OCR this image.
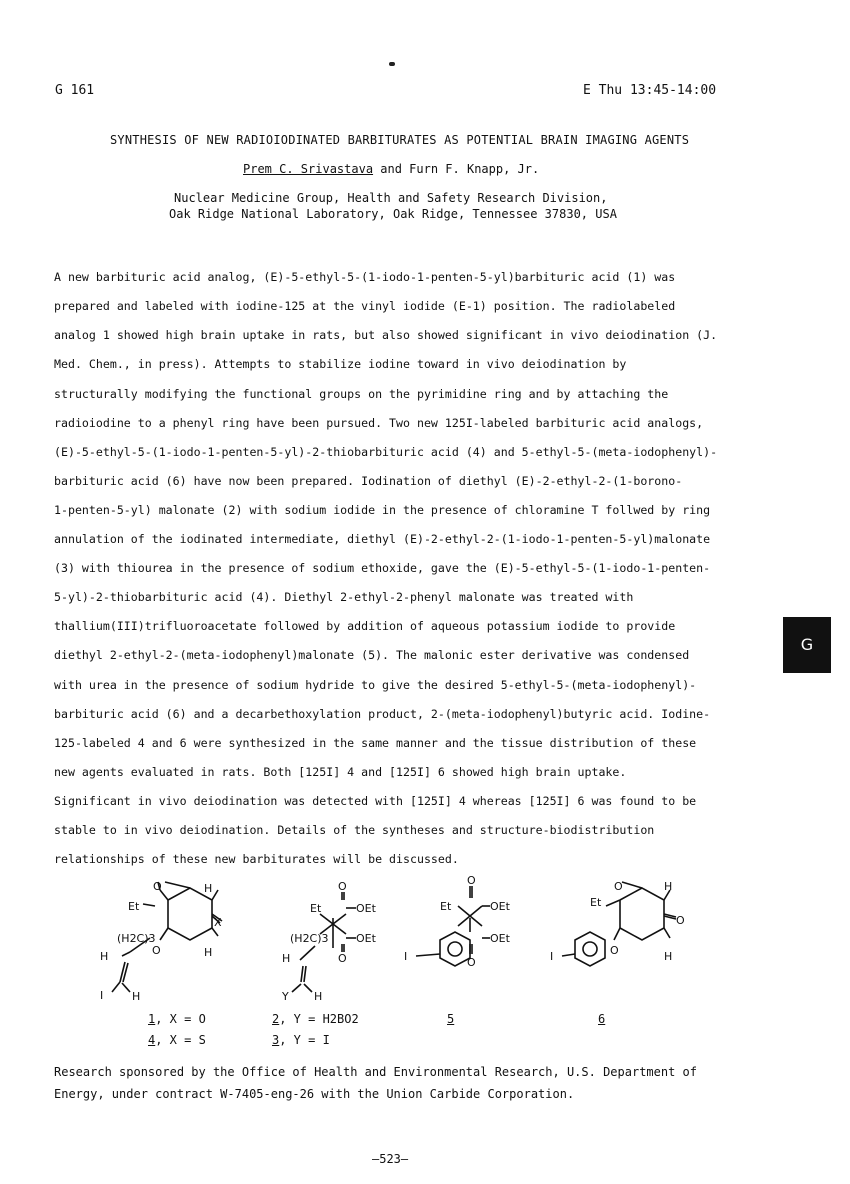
G 161	E Thu 13:45-14:00
SYNTHESIS OF NEW RADIOIODINATED BARBITURATES AS POTENTIAL BRAIN IMAGING AGENTS
Prem C. Srivastava and Furn F. Knapp, Jr.
Nuclear Medicine Group, Health and Safety Research Division,
Oak Ridge National Laboratory, Oak Ridge, Tennessee 37830, USA
G
A new barbituric acid analog, (E)-5-ethyl-5-(1-iodo-1-penten-5-yl)barbituric acid (1) was
prepared and labeled with iodine-125 at the vinyl iodide (E-1) position. The radiolabeled
analog 1 showed high brain uptake in rats, but also showed significant in vivo deiodination (J.
Med. Chem., in press). Attempts to stabilize iodine toward in vivo deiodination by
structurally modifying the functional groups on the pyrimidine ring and by attaching the
radioiodine to a phenyl ring have been pursued. Two new 125I-labeled barbituric acid analogs,
(E)-5-ethyl-5-(1-iodo-1-penten-5-yl)-2-thiobarbituric acid (4) and 5-ethyl-5-(meta-iodophenyl)-
barbituric acid (6) have now been prepared. Iodination of diethyl (E)-2-ethyl-2-(1-borono-
1-penten-5-yl) malonate (2) with sodium iodide in the presence of chloramine T follwed by ring
annulation of the iodinated intermediate, diethyl (E)-2-ethyl-2-(1-iodo-1-penten-5-yl)malonate
(3) with thiourea in the presence of sodium ethoxide, gave the (E)-5-ethyl-5-(1-iodo-1-penten-
5-yl)-2-thiobarbituric acid (4). Diethyl 2-ethyl-2-phenyl malonate was treated with
thallium(III)trifluoroacetate followed by addition of aqueous potassium iodide to provide
diethyl 2-ethyl-2-(meta-iodophenyl)malonate (5). The malonic ester derivative was condensed
with urea in the presence of sodium hydride to give the desired 5-ethyl-5-(meta-iodophenyl)-
barbituric acid (6) and a decarbethoxylation product, 2-(meta-iodophenyl)butyric acid. Iodine-
125-labeled 4 and 6 were synthesized in the same manner and the tissue distribution of these
new agents evaluated in rats. Both [125I] 4 and [125I] 6 showed high brain uptake.
Significant in vivo deiodination was detected with [125I] 4 whereas [125I] 6 was found to be
stable to in vivo deiodination. Details of the syntheses and structure-biodistribution
relationships of these new barbiturates will be discussed.
O
Et
H
X
H
O
(H2C)3
H
I	H
O
Et	OEt
OEt
O
(H2C)3
H
Y H
O
Et	OEt
OEt
O
I
O
Et
H
O
H
O
I
1, X = O
4, X = S
2, Y = H2BO2
3, Y = I
5	6
Research sponsored by the Office of Health and Environmental Research, U.S. Department of
Energy, under contract W-7405-eng-26 with the Union Carbide Corporation.
—523—
